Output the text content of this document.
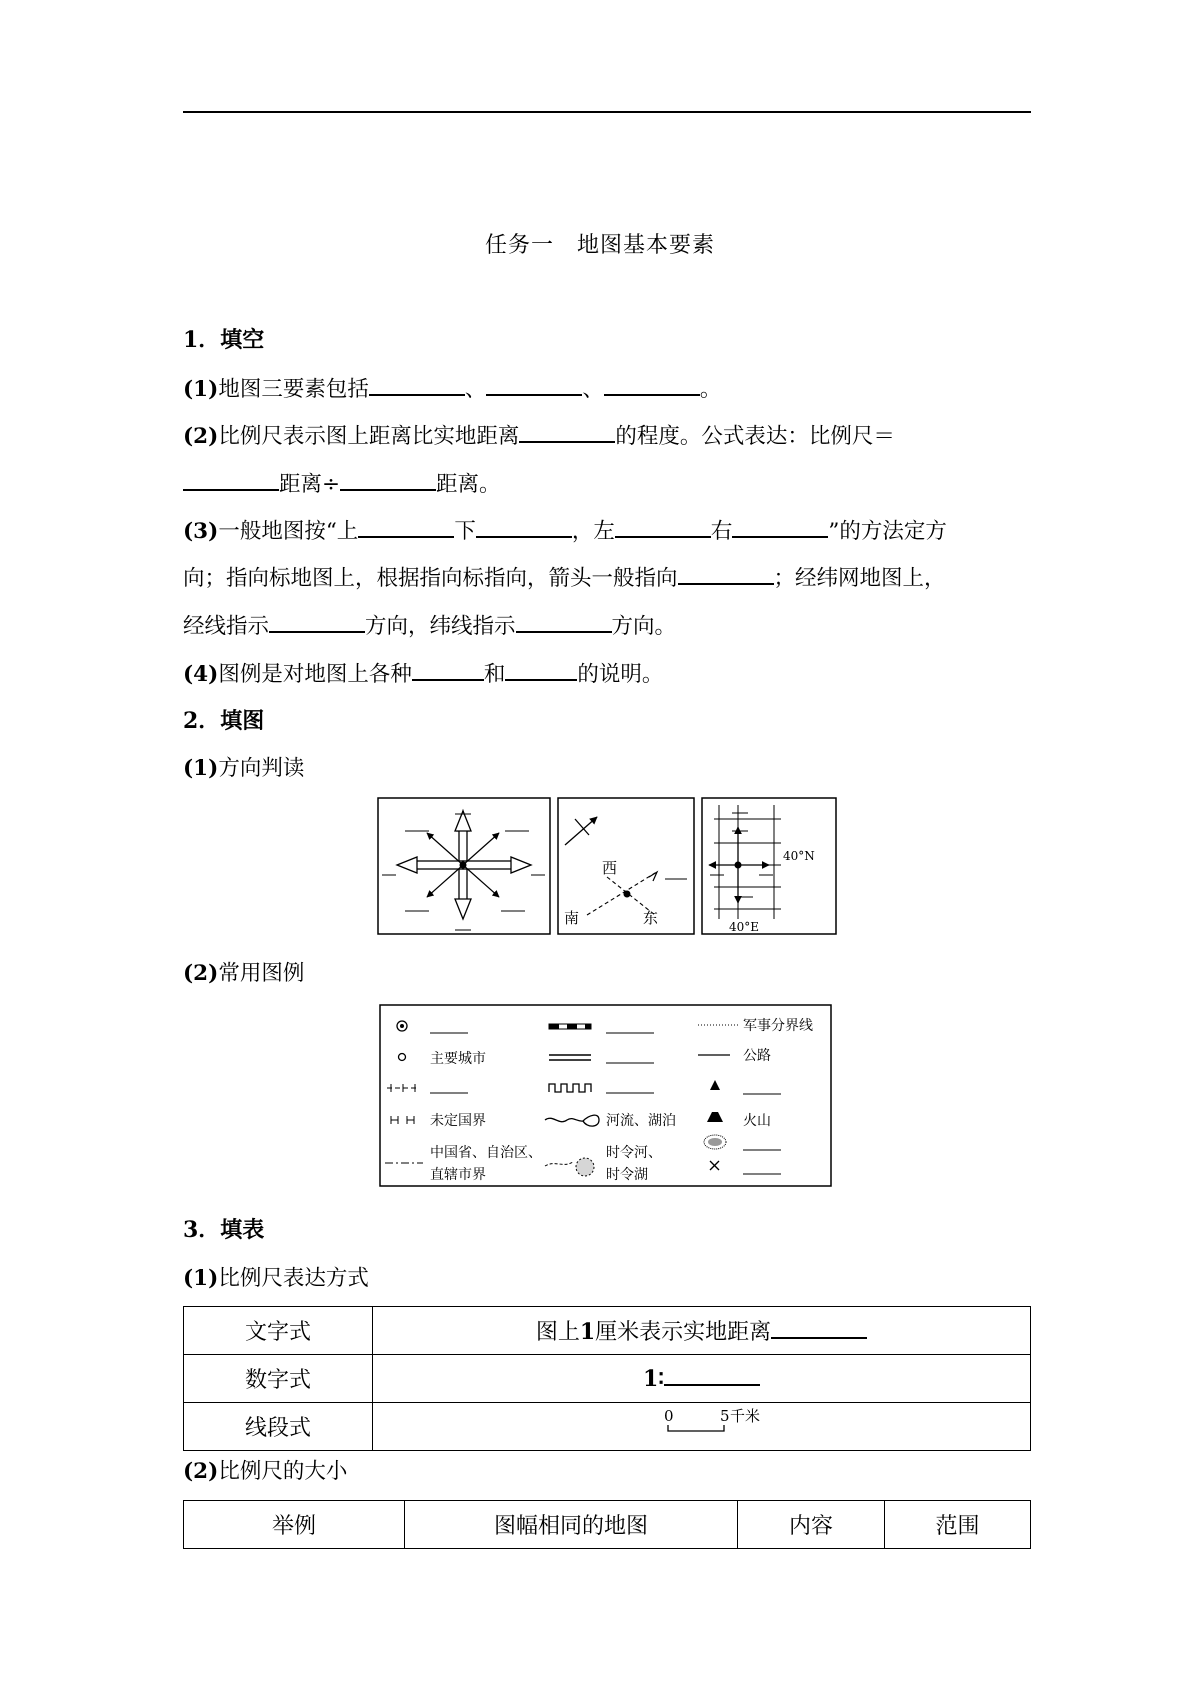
任务一　地图基本要素
1．填空
(1)地图三要素包括	、	、	。
(2)比例尺表示图上距离比实地距离	的程度。公式表达：比例尺＝
距离÷	距离。
(3)一般地图按“上	下	，左	右	”的方法定方
向；指向标地图上，根据指向标指向，箭头一般指向	；经纬网地图上，
经线指示	方向，纬线指示	方向。
(4)图例是对地图上各种	和	的说明。
2．填图
(1)方向判读
西
南	东
40°N
40°E
(2)常用图例
主要城市
未定国界
中国省、自治区、
直辖市界
河流、湖泊
时令河、
时令湖
军事分界线
公路
火山
3．填表
(1)比例尺表达方式
文字式	图上1厘米表示实地距离
数字式	1∶
线段式	0 5 千米
(2)比例尺的大小
举例	图幅相同的地图	内容	范围
